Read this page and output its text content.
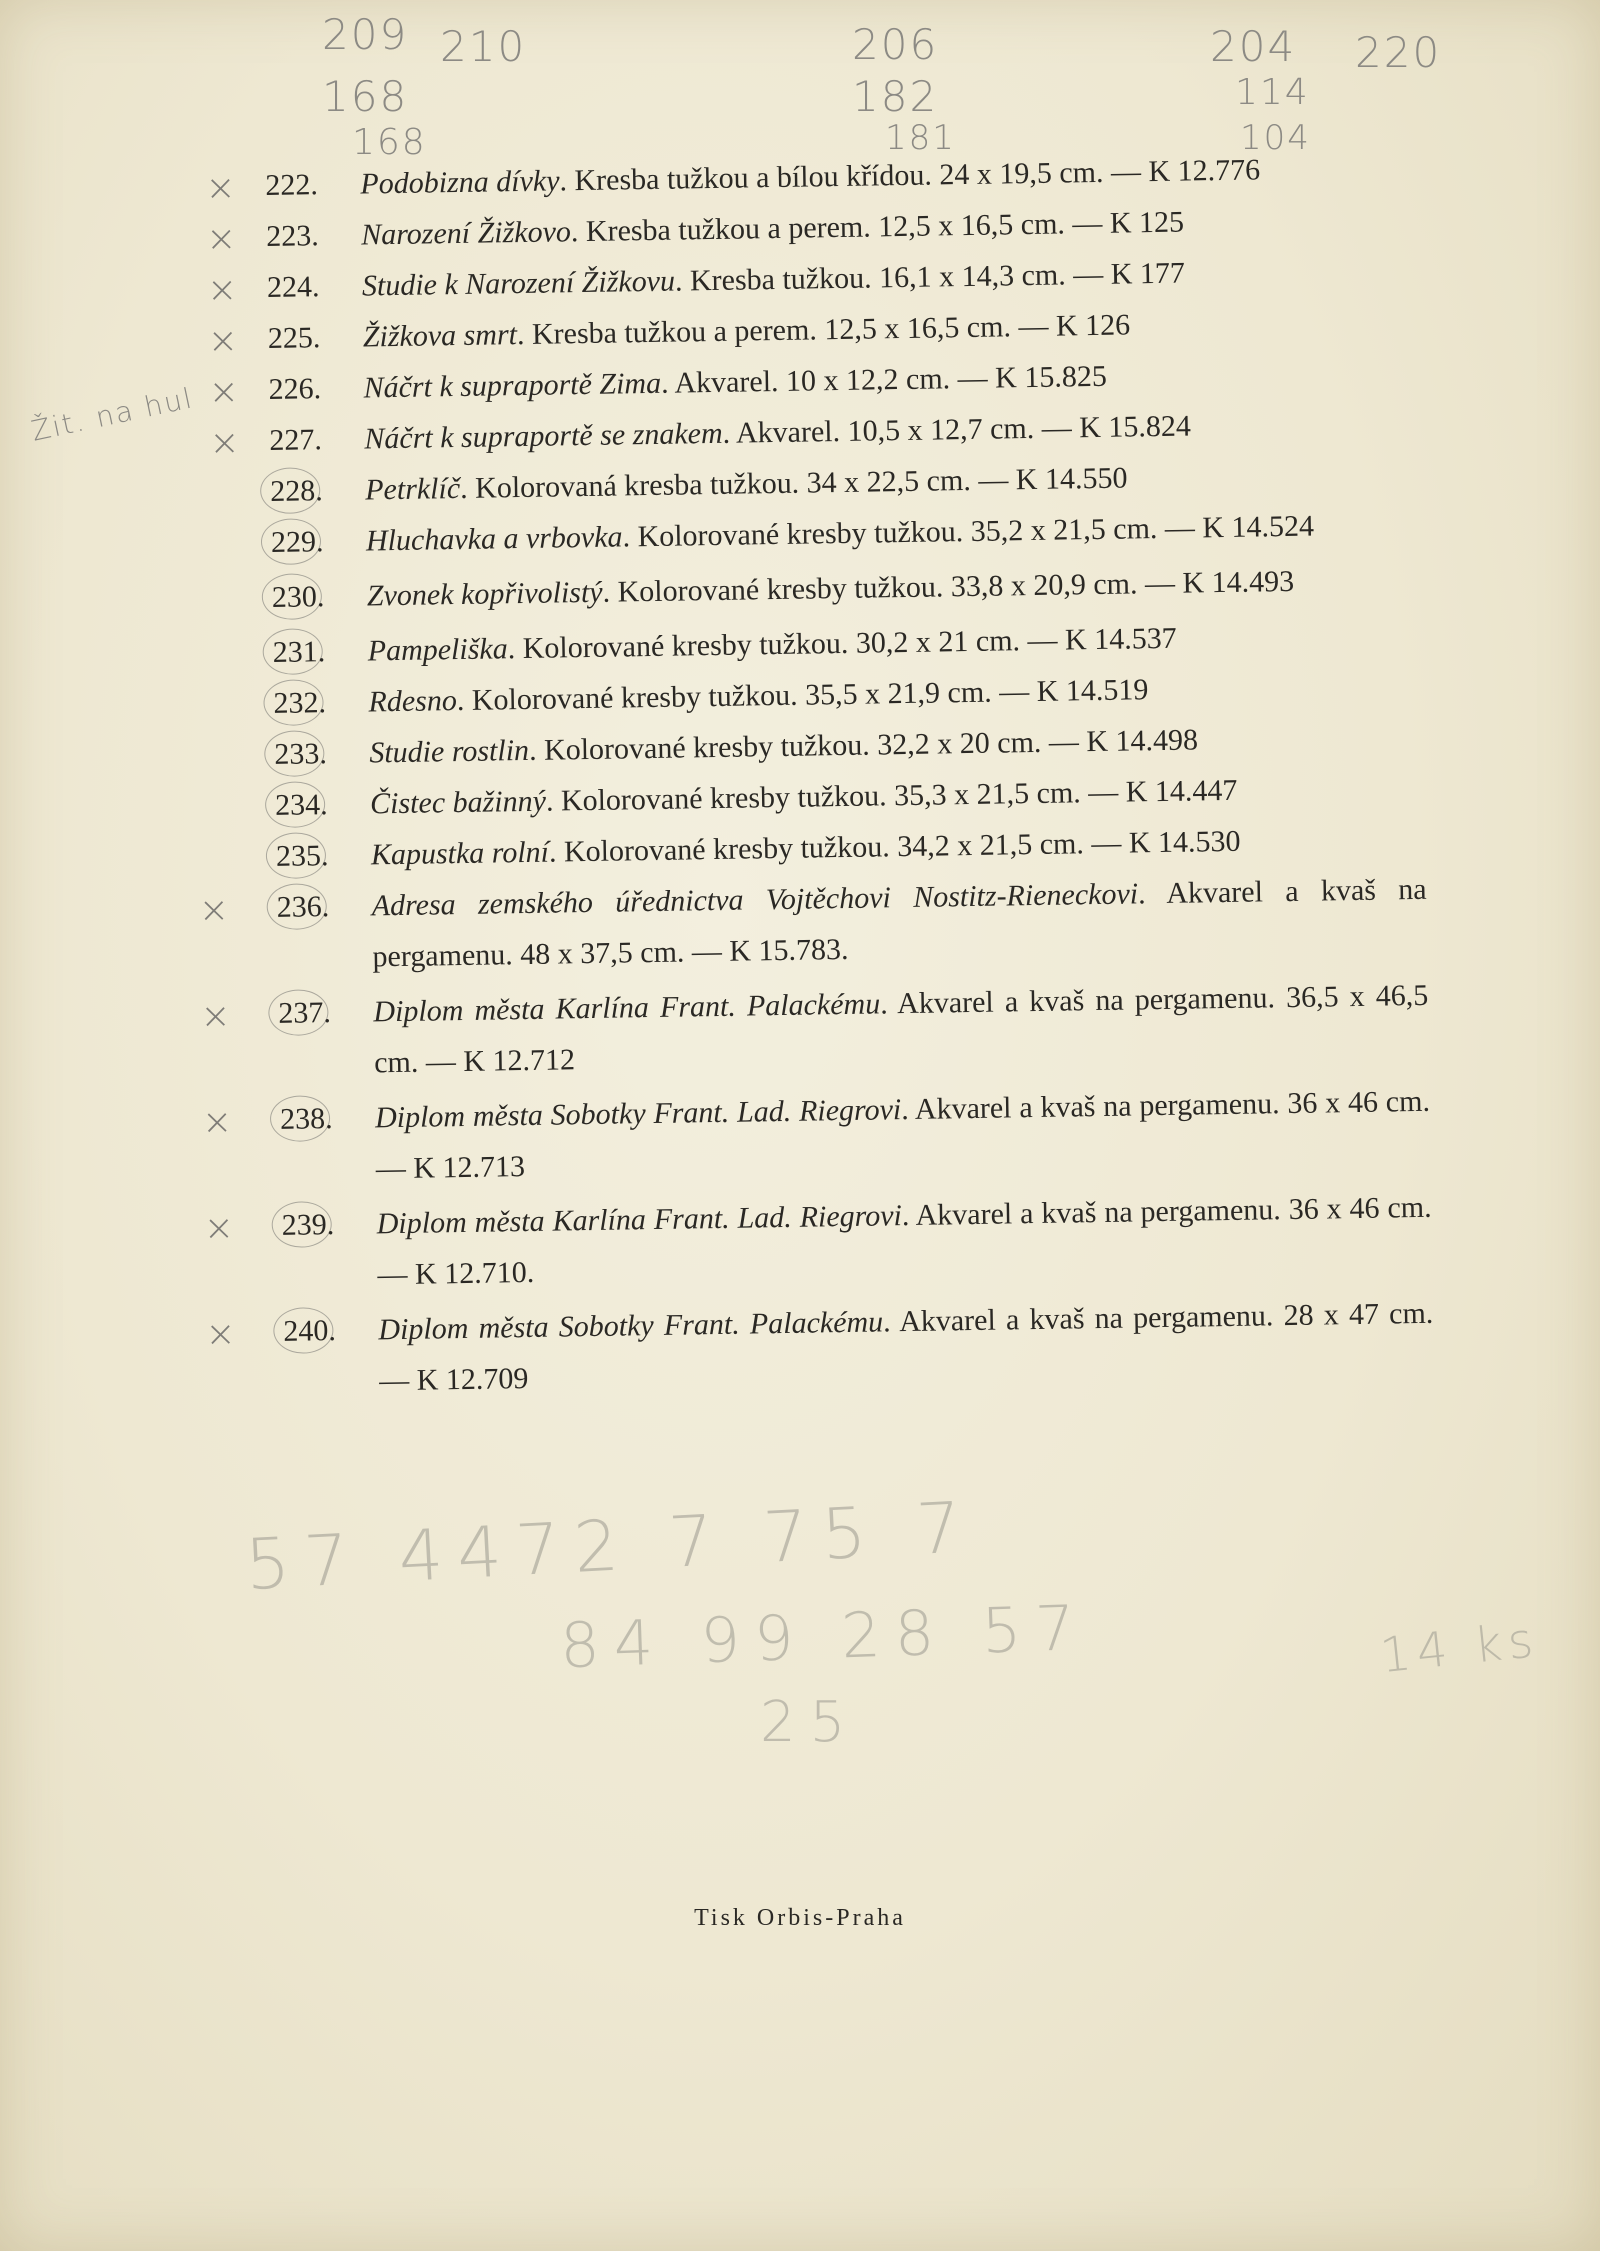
209 210
168
168
206
182
181
204 220
114
104
Žit. na hul
222.	Podobizna dívky. Kresba tužkou a bílou křídou. 24 x 19,5 cm. — K 12.776
×
223.	Narození Žižkovo. Kresba tužkou a perem. 12,5 x 16,5 cm. — K 125
×
224.	Studie k Narození Žižkovu. Kresba tužkou. 16,1 x 14,3 cm. — K 177
×
225.	Žižkova smrt. Kresba tužkou a perem. 12,5 x 16,5 cm. — K 126
×
226.	Náčrt k supraportě Zima. Akvarel. 10 x 12,2 cm. — K 15.825
×
227.	Náčrt k supraportě se znakem. Akvarel. 10,5 x 12,7 cm. — K 15.824
×
228.	Petrklíč. Kolorovaná kresba tužkou. 34 x 22,5 cm. — K 14.550
229.	Hluchavka a vrbovka. Kolorované kresby tužkou. 35,2 x 21,5 cm. — K 14.524
230.	Zvonek kopřivolistý. Kolorované kresby tužkou. 33,8 x 20,9 cm. — K 14.493
231.	Pampeliška. Kolorované kresby tužkou. 30,2 x 21 cm. — K 14.537
232.	Rdesno. Kolorované kresby tužkou. 35,5 x 21,9 cm. — K 14.519
233.	Studie rostlin. Kolorované kresby tužkou. 32,2 x 20 cm. — K 14.498
234.	Čistec bažinný. Kolorované kresby tužkou. 35,3 x 21,5 cm. — K 14.447
235.	Kapustka rolní. Kolorované kresby tužkou. 34,2 x 21,5 cm. — K 14.530
236.	Adresa zemského úřednictva Vojtěchovi Nostitz-Rieneckovi. Akvarel a kvaš na pergamenu. 48 x 37,5 cm. — K 15.783.
×
237.	Diplom města Karlína Frant. Palackému. Akvarel a kvaš na pergamenu. 36,5 x 46,5 cm. — K 12.712
×
238.	Diplom města Sobotky Frant. Lad. Riegrovi. Akvarel a kvaš na pergamenu. 36 x 46 cm. — K 12.713
×
239.	Diplom města Karlína Frant. Lad. Riegrovi. Akvarel a kvaš na pergamenu. 36 x 46 cm. — K 12.710.
×
240.	Diplom města Sobotky Frant. Palackému. Akvarel a kvaš na pergamenu. 28 x 47 cm. — K 12.709
×
57 4472 7 75 7
84 99 28 57
25
14 ks
Tisk Orbis-Praha
